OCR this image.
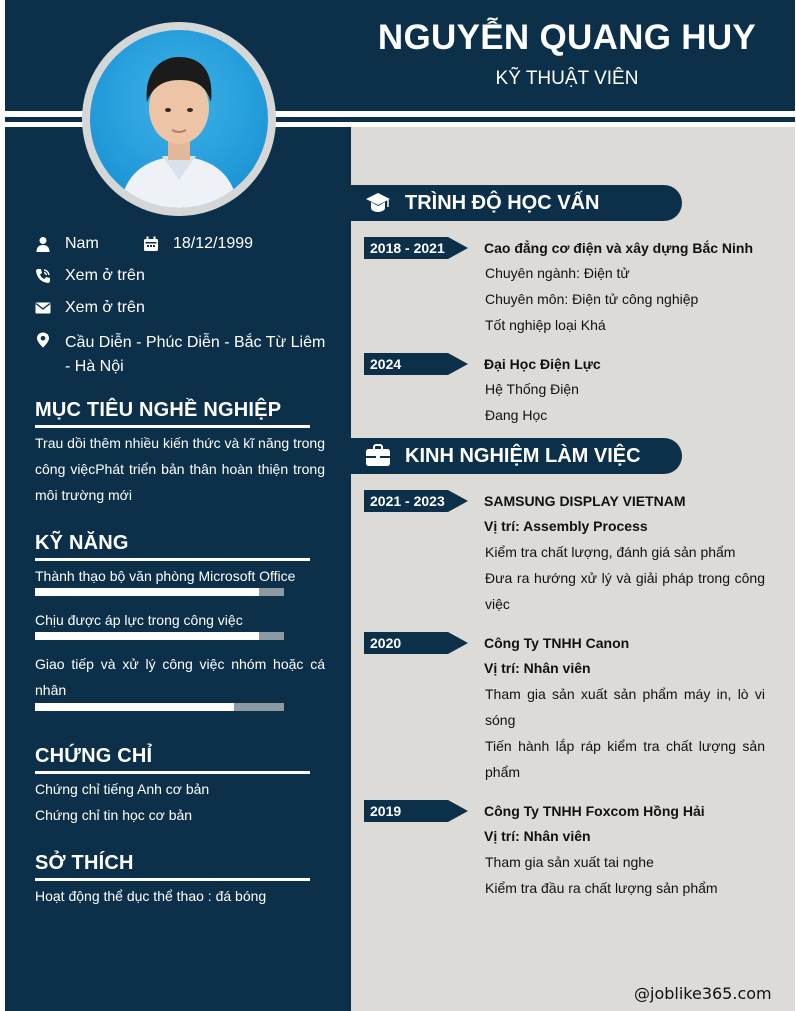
NGUYỄN QUANG HUY
KỸ THUẬT VIÊN
Nam	18/12/1999
Xem ở trên
Xem ở trên
Cầu Diễn - Phúc Diễn - Bắc Từ Liêm - Hà Nội
MỤC TIÊU NGHỀ NGHIỆP
Trau dồi thêm nhiều kiến thức và kĩ năng trong công việcPhát triển bản thân hoàn thiện trong môi trường mới
KỸ NĂNG
Thành thạo bộ văn phòng Microsoft Office
Chịu được áp lực trong công việc
Giao tiếp và xử lý công việc nhóm hoặc cá nhân
CHỨNG CHỈ
Chứng chỉ tiếng Anh cơ bản
Chứng chỉ tin học cơ bản
SỞ THÍCH
Hoạt động thể dục thể thao : đá bóng
TRÌNH ĐỘ HỌC VẤN
2018 - 2021	Cao đẳng cơ điện và xây dựng Bắc Ninh
Chuyên ngành: Điện tử
Chuyên môn: Điện tử công nghiệp
Tốt nghiệp loại Khá
2024	Đại Học Điện Lực
Hệ Thống Điện
Đang Học
KINH NGHIỆM LÀM VIỆC
2021 - 2023	SAMSUNG DISPLAY VIETNAM
Vị trí: Assembly Process
Kiểm tra chất lượng, đánh giá sản phẩm
Đưa ra hướng xử lý và giải pháp trong công việc
2020	Công Ty TNHH Canon
Vị trí: Nhân viên
Tham gia sản xuất sản phẩm máy in, lò vi sóng
Tiến hành lắp ráp kiểm tra chất lượng sản phẩm
2019	Công Ty TNHH Foxcom Hồng Hải
Vị trí: Nhân viên
Tham gia sản xuất tai nghe
Kiểm tra đầu ra chất lượng sản phẩm
@joblike365.com
